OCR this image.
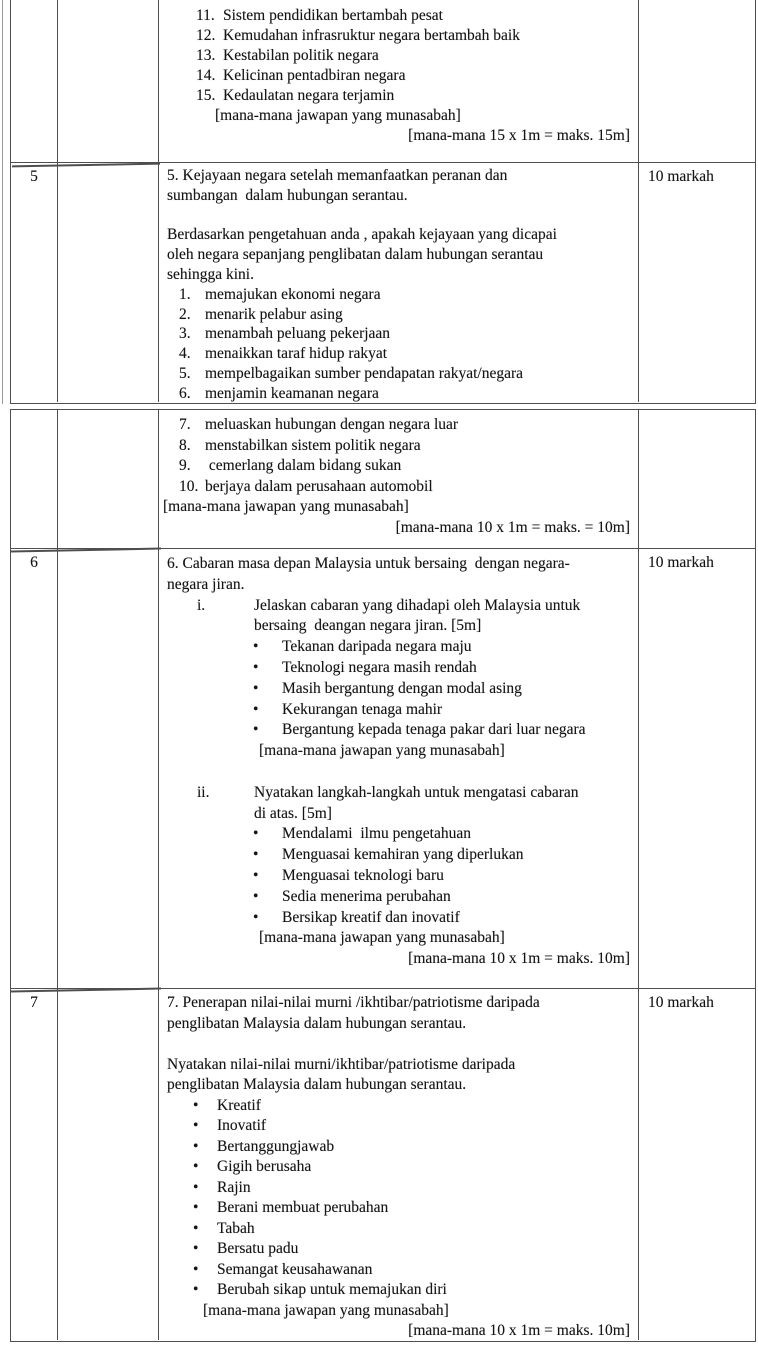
11. Sistem pendidikan bertambah pesat
12. Kemudahan infrasruktur negara bertambah baik
13. Kestabilan politik negara
14. Kelicinan pentadbiran negara
15. Kedaulatan negara terjamin
[mana-mana jawapan yang munasabah]
[mana-mana 15 x 1m = maks. 15m]
5	5. Kejayaan negara setelah memanfaatkan peranan dan
sumbangan  dalam hubungan serantau.
Berdasarkan pengetahuan anda , apakah kejayaan yang dicapai
oleh negara sepanjang penglibatan dalam hubungan serantau
sehingga kini.
1. memajukan ekonomi negara
2. menarik pelabur asing
3. menambah peluang pekerjaan
4. menaikkan taraf hidup rakyat
5. mempelbagaikan sumber pendapatan rakyat/negara
6. menjamin keamanan negara
10 markah
7. meluaskan hubungan dengan negara luar
8. menstabilkan sistem politik negara
9. cemerlang dalam bidang sukan
10. berjaya dalam perusahaan automobil
[mana-mana jawapan yang munasabah]
[mana-mana 10 x 1m = maks. = 10m]
6	6. Cabaran masa depan Malaysia untuk bersaing  dengan negara-
negara jiran.
i.	Jelaskan cabaran yang dihadapi oleh Malaysia untuk
bersaing  deangan negara jiran. [5m]
• Tekanan daripada negara maju
• Teknologi negara masih rendah
• Masih bergantung dengan modal asing
• Kekurangan tenaga mahir
• Bergantung kepada tenaga pakar dari luar negara
[mana-mana jawapan yang munasabah]
ii.	Nyatakan langkah-langkah untuk mengatasi cabaran
di atas. [5m]
• Mendalami  ilmu pengetahuan
• Menguasai kemahiran yang diperlukan
• Menguasai teknologi baru
• Sedia menerima perubahan
• Bersikap kreatif dan inovatif
[mana-mana jawapan yang munasabah]
[mana-mana 10 x 1m = maks. 10m]
10 markah
7	7. Penerapan nilai-nilai murni /ikhtibar/patriotisme daripada
penglibatan Malaysia dalam hubungan serantau.
Nyatakan nilai-nilai murni/ikhtibar/patriotisme daripada
penglibatan Malaysia dalam hubungan serantau.
• Kreatif
• Inovatif
• Bertanggungjawab
• Gigih berusaha
• Rajin
• Berani membuat perubahan
• Tabah
• Bersatu padu
• Semangat keusahawanan
• Berubah sikap untuk memajukan diri
[mana-mana jawapan yang munasabah]
[mana-mana 10 x 1m = maks. 10m]
10 markah
